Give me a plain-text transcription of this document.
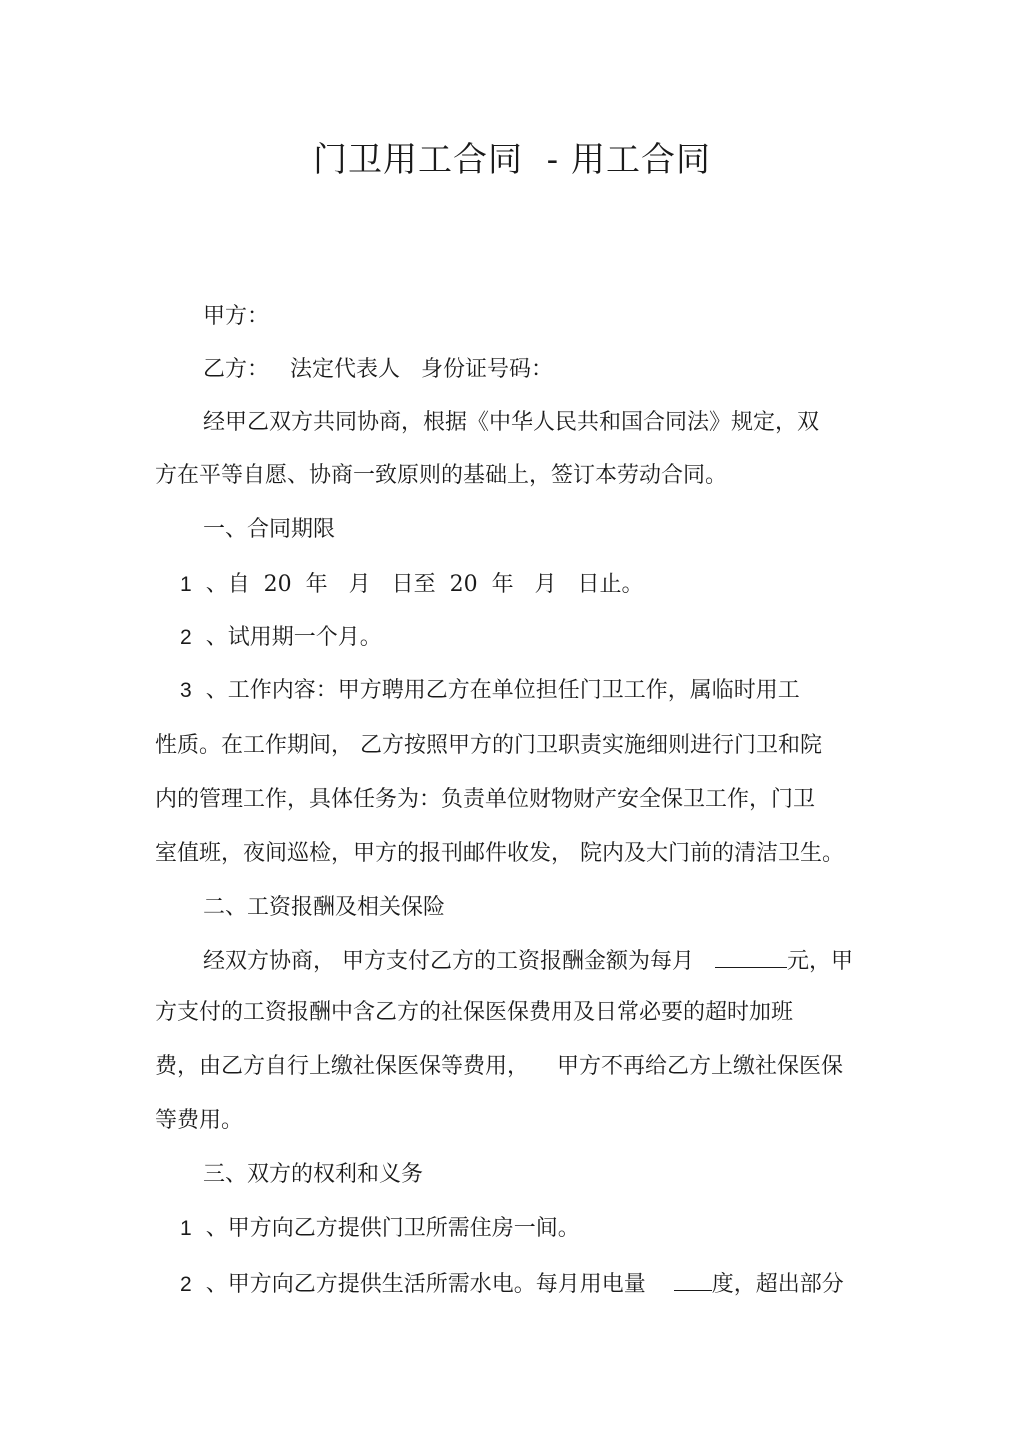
门卫用工合同  - 用工合同
甲方：
乙方：   法定代表人   身份证号码：
经甲乙双方共同协商，根据《中华人民共和国合同法》规定，双
方在平等自愿、协商一致原则的基础上，签订本劳动合同。
一、合同期限
1 、自  20  年   月   日至  20  年   月   日止。
2 、试用期一个月。
3 、工作内容：甲方聘用乙方在单位担任门卫工作，属临时用工
性质。在工作期间， 乙方按照甲方的门卫职责实施细则进行门卫和院
内的管理工作，具体任务为：负责单位财物财产安全保卫工作，门卫
室值班，夜间巡检，甲方的报刊邮件收发， 院内及大门前的清洁卫生。
二、工资报酬及相关保险
经双方协商， 甲方支付乙方的工资报酬金额为每月	元，甲
方支付的工资报酬中含乙方的社保医保费用及日常必要的超时加班
费，由乙方自行上缴社保医保等费用，    甲方不再给乙方上缴社保医保
等费用。
三、双方的权利和义务
1 、甲方向乙方提供门卫所需住房一间。
2 、甲方向乙方提供生活所需水电。每月用电量	度，超出部分
